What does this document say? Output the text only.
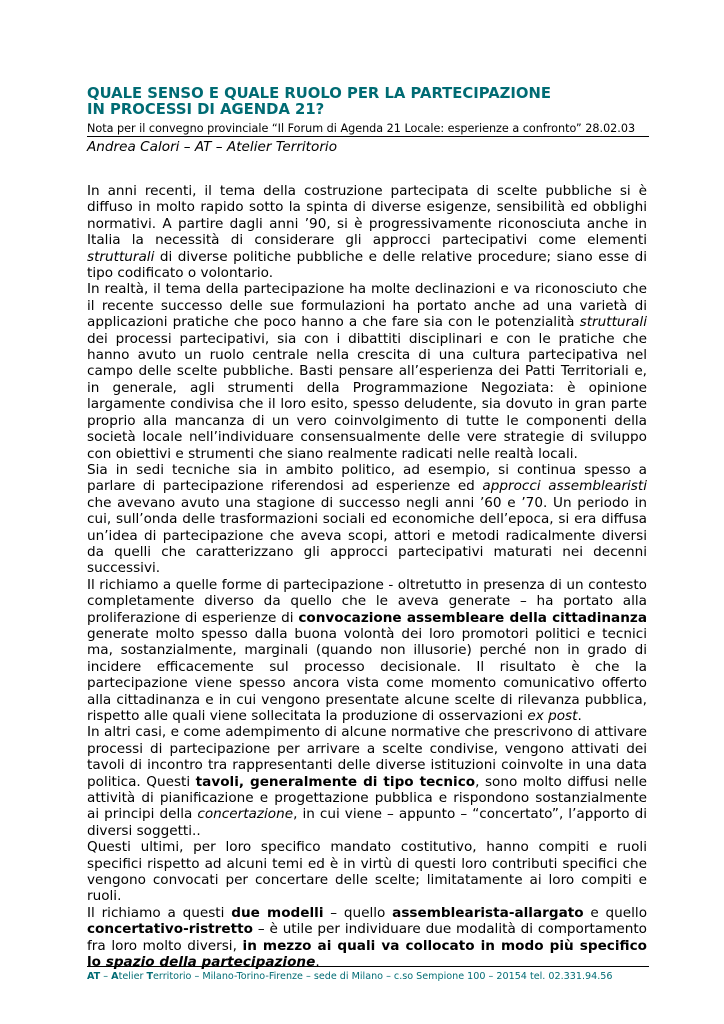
QUALE SENSO E QUALE RUOLO PER LA PARTECIPAZIONE
IN PROCESSI DI AGENDA 21?

Nota per il convegno provinciale “Il Forum di Agenda 21 Locale: esperienze a confronto” 28.02.03

Andrea Calori – AT – Atelier Territorio

In anni recenti, il tema della costruzione partecipata di scelte pubbliche si è diffuso in molto rapido sotto la spinta di diverse esigenze, sensibilità ed obblighi normativi. A partire dagli anni ’90, si è progressivamente riconosciuta anche in Italia la necessità di considerare gli approcci partecipativi come elementi strutturali di diverse politiche pubbliche e delle relative procedure; siano esse di tipo codificato o volontario.

In realtà, il tema della partecipazione ha molte declinazioni e va riconosciuto che il recente successo delle sue formulazioni ha portato anche ad una varietà di applicazioni pratiche che poco hanno a che fare sia con le potenzialità strutturali dei processi partecipativi, sia con i dibattiti disciplinari e con le pratiche che hanno avuto un ruolo centrale nella crescita di una cultura partecipativa nel campo delle scelte pubbliche. Basti pensare all’esperienza dei Patti Territoriali e, in generale, agli strumenti della Programmazione Negoziata: è opinione largamente condivisa che il loro esito, spesso deludente, sia dovuto in gran parte proprio alla mancanza di un vero coinvolgimento di tutte le componenti della società locale nell’individuare consensualmente delle vere strategie di sviluppo con obiettivi e strumenti che siano realmente radicati nelle realtà locali.

Sia in sedi tecniche sia in ambito politico, ad esempio, si continua spesso a parlare di partecipazione riferendosi ad esperienze ed approcci assemblearisti che avevano avuto una stagione di successo negli anni ’60 e ’70. Un periodo in cui, sull’onda delle trasformazioni sociali ed economiche dell’epoca, si era diffusa un’idea di partecipazione che aveva scopi, attori e metodi radicalmente diversi da quelli che caratterizzano gli approcci partecipativi maturati nei decenni successivi.

Il richiamo a quelle forme di partecipazione - oltretutto in presenza di un contesto completamente diverso da quello che le aveva generate – ha portato alla proliferazione di esperienze di convocazione assembleare della cittadinanza generate molto spesso dalla buona volontà dei loro promotori politici e tecnici ma, sostanzialmente, marginali (quando non illusorie) perché non in grado di incidere efficacemente sul processo decisionale. Il risultato è che la partecipazione viene spesso ancora vista come momento comunicativo offerto alla cittadinanza e in cui vengono presentate alcune scelte di rilevanza pubblica, rispetto alle quali viene sollecitata la produzione di osservazioni ex post.

In altri casi, e come adempimento di alcune normative che prescrivono di attivare processi di partecipazione per arrivare a scelte condivise, vengono attivati dei tavoli di incontro tra rappresentanti delle diverse istituzioni coinvolte in una data politica. Questi tavoli, generalmente di tipo tecnico, sono molto diffusi nelle attività di pianificazione e progettazione pubblica e rispondono sostanzialmente ai principi della concertazione, in cui viene – appunto – “concertato”, l’apporto di diversi soggetti..

Questi ultimi, per loro specifico mandato costitutivo, hanno compiti e ruoli specifici rispetto ad alcuni temi ed è in virtù di questi loro contributi specifici che vengono convocati per concertare delle scelte; limitatamente ai loro compiti e ruoli.

Il richiamo a questi due modelli – quello assemblearista-allargato e quello concertativo-ristretto – è utile per individuare due modalità di comportamento fra loro molto diversi, in mezzo ai quali va collocato in modo più specifico lo spazio della partecipazione.

AT – Atelier Territorio – Milano-Torino-Firenze – sede di Milano – c.so Sempione 100 – 20154 tel. 02.331.94.56
